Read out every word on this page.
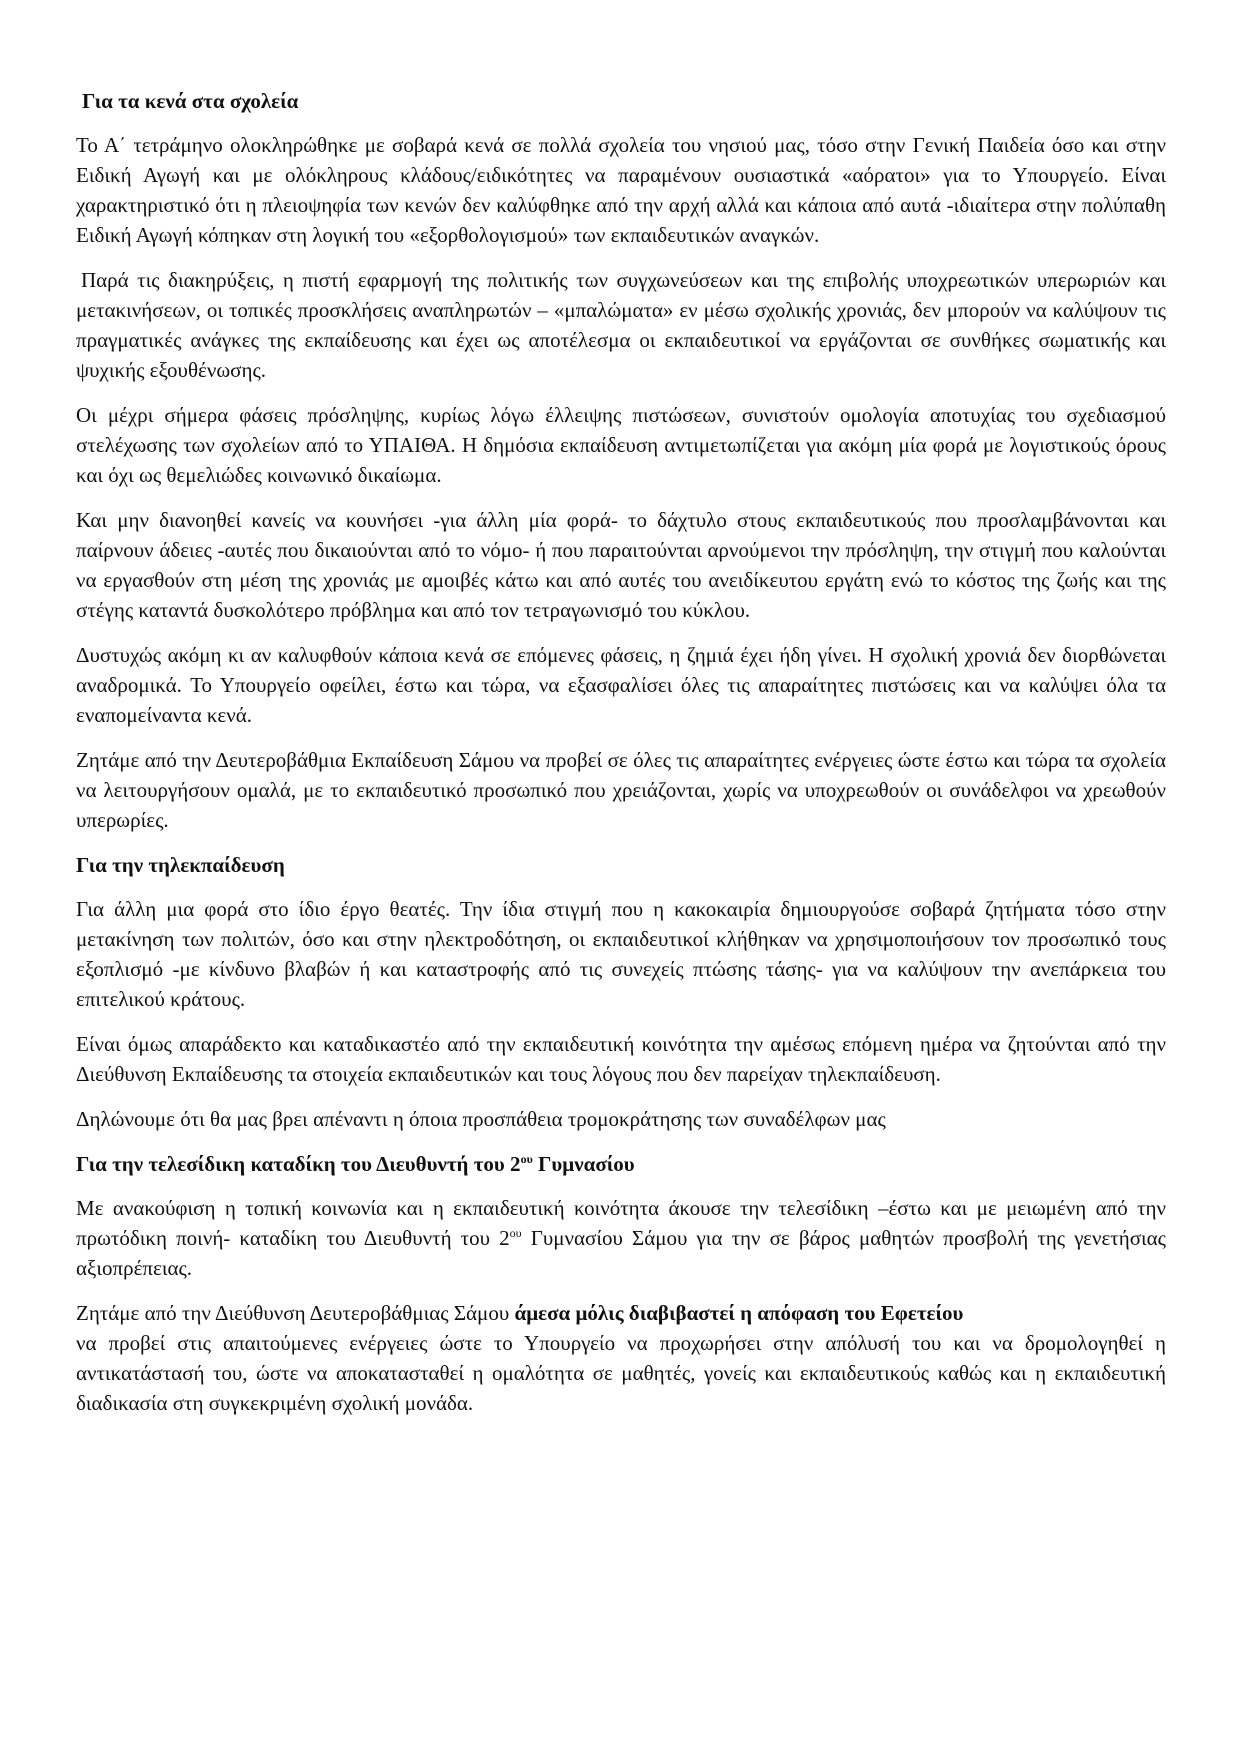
Για τα κενά στα σχολεία

Το Α΄ τετράμηνο ολοκληρώθηκε με σοβαρά κενά σε πολλά σχολεία του νησιού μας, τόσο στην Γενική Παιδεία όσο και στην Ειδική Αγωγή και με ολόκληρους κλάδους/ειδικότητες να παραμένουν ουσιαστικά «αόρατοι» για το Υπουργείο. Είναι χαρακτηριστικό ότι η πλειοψηφία των κενών δεν καλύφθηκε από την αρχή αλλά και κάποια από αυτά -ιδιαίτερα στην πολύπαθη Ειδική Αγωγή κόπηκαν στη λογική του «εξορθολογισμού» των εκπαιδευτικών αναγκών.

Παρά τις διακηρύξεις, η πιστή εφαρμογή της πολιτικής των συγχωνεύσεων και της επιβολής υποχρεωτικών υπερωριών και μετακινήσεων, οι τοπικές προσκλήσεις αναπληρωτών – «μπαλώματα» εν μέσω σχολικής χρονιάς, δεν μπορούν να καλύψουν τις πραγματικές ανάγκες της εκπαίδευσης και έχει ως αποτέλεσμα οι εκπαιδευτικοί να εργάζονται σε συνθήκες σωματικής και ψυχικής εξουθένωσης.

Οι μέχρι σήμερα φάσεις πρόσληψης, κυρίως λόγω έλλειψης πιστώσεων, συνιστούν ομολογία αποτυχίας του σχεδιασμού στελέχωσης των σχολείων από το ΥΠΑΙΘΑ. Η δημόσια εκπαίδευση αντιμετωπίζεται για ακόμη μία φορά με λογιστικούς όρους και όχι ως θεμελιώδες κοινωνικό δικαίωμα.

Και μην διανοηθεί κανείς να κουνήσει -για άλλη μία φορά- το δάχτυλο στους εκπαιδευτικούς που προσλαμβάνονται και παίρνουν άδειες -αυτές που δικαιούνται από το νόμο- ή που παραιτούνται αρνούμενοι την πρόσληψη, την στιγμή που καλούνται να εργασθούν στη μέση της χρονιάς με αμοιβές κάτω και από αυτές του ανειδίκευτου εργάτη ενώ το κόστος της ζωής και της στέγης καταντά δυσκολότερο πρόβλημα και από τον τετραγωνισμό του κύκλου.

Δυστυχώς ακόμη κι αν καλυφθούν κάποια κενά σε επόμενες φάσεις, η ζημιά έχει ήδη γίνει. Η σχολική χρονιά δεν διορθώνεται αναδρομικά. Το Υπουργείο οφείλει, έστω και τώρα, να εξασφαλίσει όλες τις απαραίτητες πιστώσεις και να καλύψει όλα τα εναπομείναντα κενά.

Ζητάμε από την Δευτεροβάθμια Εκπαίδευση Σάμου να προβεί σε όλες τις απαραίτητες ενέργειες ώστε έστω και τώρα τα σχολεία να λειτουργήσουν ομαλά, με το εκπαιδευτικό προσωπικό που χρειάζονται, χωρίς να υποχρεωθούν οι συνάδελφοι να χρεωθούν υπερωρίες.

Για την τηλεκπαίδευση

Για άλλη μια φορά στο ίδιο έργο θεατές. Την ίδια στιγμή που η κακοκαιρία δημιουργούσε σοβαρά ζητήματα τόσο στην μετακίνηση των πολιτών, όσο και στην ηλεκτροδότηση, οι εκπαιδευτικοί κλήθηκαν να χρησιμοποιήσουν τον προσωπικό τους εξοπλισμό -με κίνδυνο βλαβών ή και καταστροφής από τις συνεχείς πτώσης τάσης- για να καλύψουν την ανεπάρκεια του επιτελικού κράτους.

Είναι όμως απαράδεκτο και καταδικαστέο από την εκπαιδευτική κοινότητα την αμέσως επόμενη ημέρα να ζητούνται από την Διεύθυνση Εκπαίδευσης τα στοιχεία εκπαιδευτικών και τους λόγους που δεν παρείχαν τηλεκπαίδευση.

Δηλώνουμε ότι θα μας βρει απέναντι η όποια προσπάθεια τρομοκράτησης των συναδέλφων μας

Για την τελεσίδικη καταδίκη του Διευθυντή του $2^{o\upsilon}$ Γυμνασίου

Με ανακούφιση η τοπική κοινωνία και η εκπαιδευτική κοινότητα άκουσε την τελεσίδικη –έστω και με μειωμένη από την πρωτόδικη ποινή- καταδίκη του Διευθυντή του $2^{o\upsilon}$ Γυμνασίου Σάμου για την σε βάρος μαθητών προσβολή της γενετήσιας αξιοπρέπειας.

Ζητάμε από την Διεύθυνση Δευτεροβάθμιας Σάμου άμεσα μόλις διαβιβαστεί η απόφαση του Εφετείου
να προβεί στις απαιτούμενες ενέργειες ώστε το Υπουργείο να προχωρήσει στην απόλυσή του και να δρομολογηθεί η αντικατάστασή του, ώστε να αποκατασταθεί η ομαλότητα σε μαθητές, γονείς και εκπαιδευτικούς καθώς και η εκπαιδευτική διαδικασία στη συγκεκριμένη σχολική μονάδα.
